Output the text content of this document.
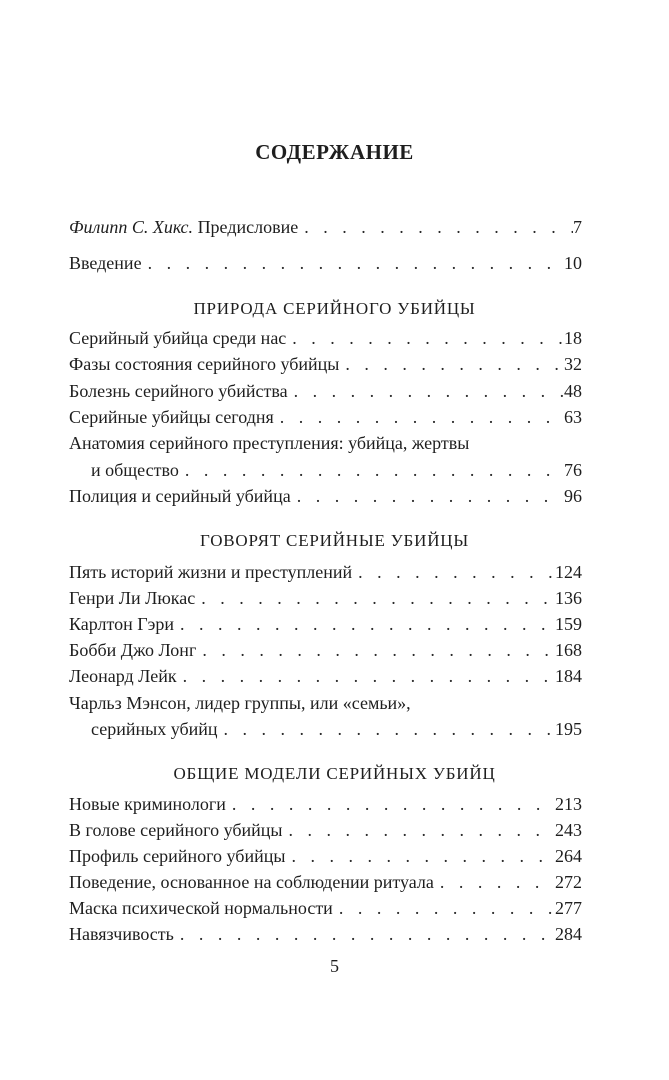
СОДЕРЖАНИЕ
Филипп С. Хикс. Предисловие . . .	7
Введение . . .	10
ПРИРОДА СЕРИЙНОГО УБИЙЦЫ
Серийный убийца среди нас . . .	18
Фазы состояния серийного убийцы . . .	32
Болезнь серийного убийства . . .	48
Серийные убийцы сегодня . . .	63
Анатомия серийного преступления: убийца, жертвы
и общество . . .	76
Полиция и серийный убийца . . .	96
ГОВОРЯТ СЕРИЙНЫЕ УБИЙЦЫ
Пять историй жизни и преступлений . . .	124
Генри Ли Люкас . . .	136
Карлтон Гэри . . .	159
Бобби Джо Лонг . . .	168
Леонард Лейк . . .	184
Чарльз Мэнсон, лидер группы, или «семьи»,
серийных убийц . . .	195
ОБЩИЕ МОДЕЛИ СЕРИЙНЫХ УБИЙЦ
Новые криминологи . . .	213
В голове серийного убийцы . . .	243
Профиль серийного убийцы . . .	264
Поведение, основанное на соблюдении ритуала . . .	272
Маска психической нормальности . . .	277
Навязчивость . . .	284
5
